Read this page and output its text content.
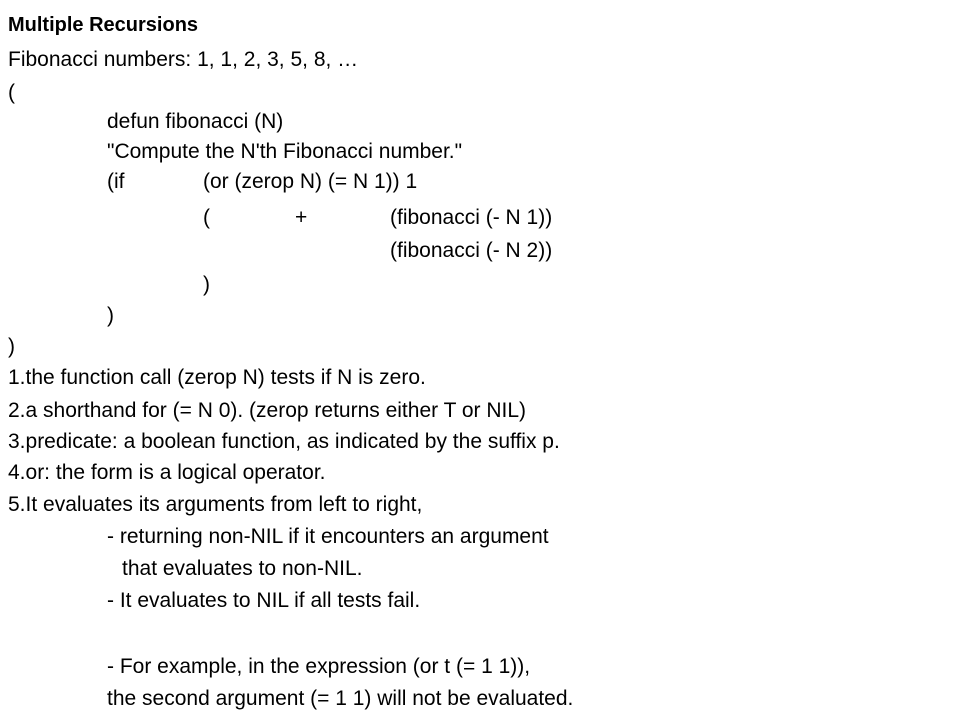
Multiple Recursions
Fibonacci numbers: 1, 1, 2, 3, 5, 8, …
(
defun fibonacci (N)
"Compute the N'th Fibonacci number."
(if	(or (zerop N) (= N 1)) 1
(	+	(fibonacci (- N 1))
(fibonacci (- N 2))
)
)
)
1.the function call (zerop N) tests if N is zero.
2.a shorthand for (= N 0). (zerop returns either T or NIL)
3.predicate: a boolean function, as indicated by the suffix p.
4.or: the form is a logical operator.
5.It evaluates its arguments from left to right,
- returning non-NIL if it encounters an argument
that evaluates to non-NIL.
- It evaluates to NIL if all tests fail.
- For example, in the expression (or t (= 1 1)),
the second argument (= 1 1) will not be evaluated.
